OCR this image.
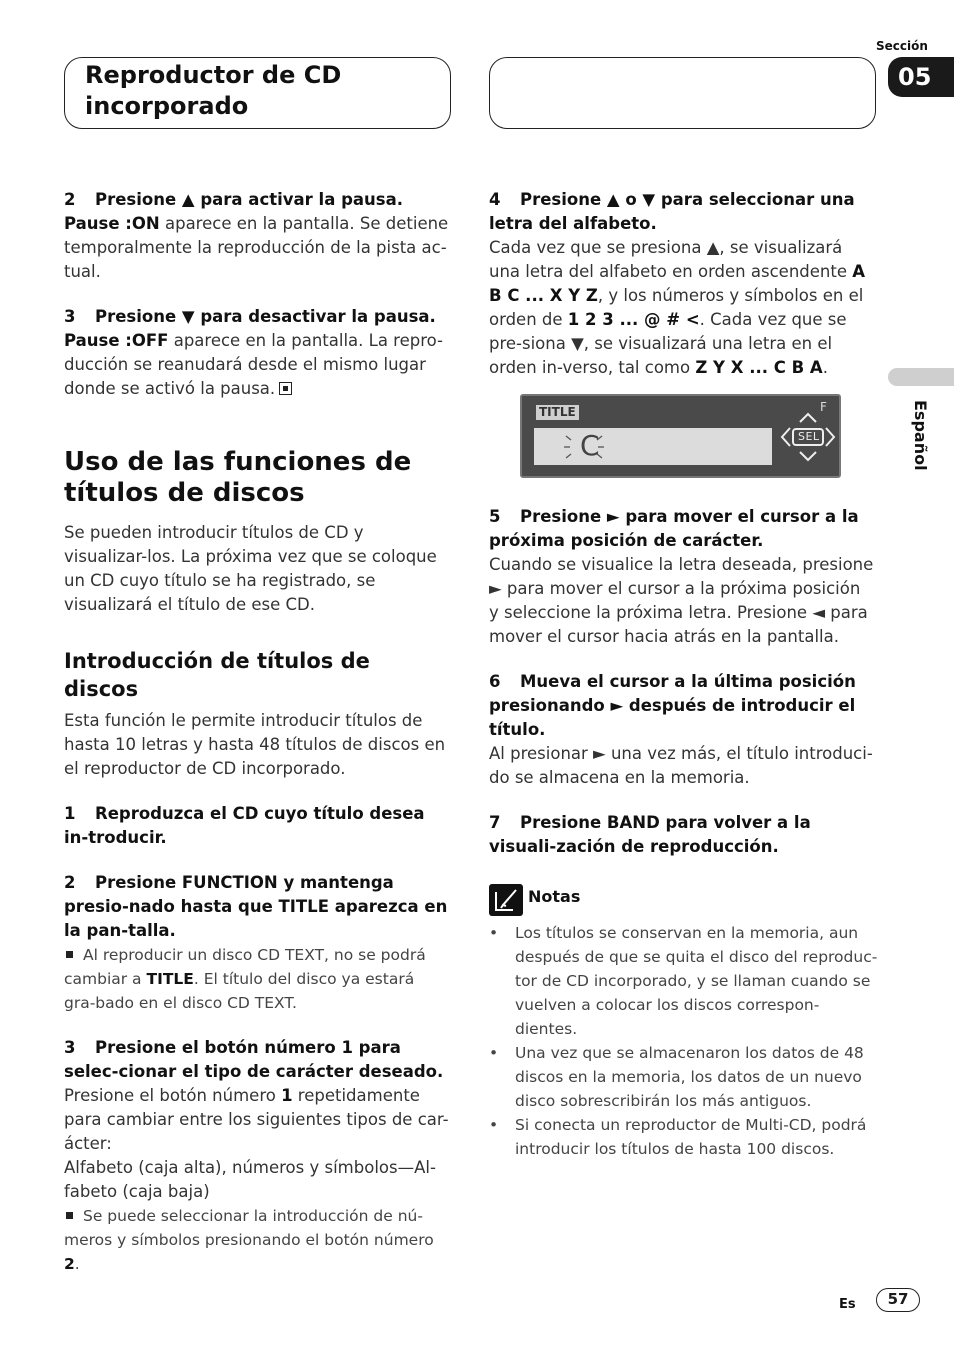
Reproductor de CD
incorporado
Sección
05
Español

2 Presione ▲ para activar la pausa.

Pause :ON aparece en la pantalla. Se detiene temporalmente la reproducción de la pista ac-tual.

3 Presione ▼ para desactivar la pausa.

Pause :OFF aparece en la pantalla. La repro-ducción se reanudará desde el mismo lugar donde se activó la pausa.

Uso de las funciones de
títulos de discos

Se pueden introducir títulos de CD y visualizar-los. La próxima vez que se coloque un CD cuyo título se ha registrado, se visualizará el título de ese CD.

Introducción de títulos de discos

Esta función le permite introducir títulos de hasta 10 letras y hasta 48 títulos de discos en el reproductor de CD incorporado.

1 Reproduzca el CD cuyo título desea in-troducir.

2 Presione FUNCTION y mantenga presio-nado hasta que TITLE aparezca en la pan-talla.

Al reproducir un disco CD TEXT, no se podrá cambiar a TITLE. El título del disco ya estará gra-bado en el disco CD TEXT.

3 Presione el botón número 1 para selec-cionar el tipo de carácter deseado.

Presione el botón número 1 repetidamente para cambiar entre los siguientes tipos de car-ácter:

Alfabeto (caja alta), números y símbolos—Al-fabeto (caja baja)

Se puede seleccionar la introducción de nú-meros y símbolos presionando el botón número 2.

4 Presione ▲ o ▼ para seleccionar una letra del alfabeto.

Cada vez que se presiona ▲, se visualizará una letra del alfabeto en orden ascendente A B C ... X Y Z, y los números y símbolos en el orden de 1 2 3 ... @ # <. Cada vez que se pre-siona ▼, se visualizará una letra en el orden in-verso, tal como Z Y X ... C B A.

TITLE	F
C	SEL

5 Presione ► para mover el cursor a la próxima posición de carácter.

Cuando se visualice la letra deseada, presione ► para mover el cursor a la próxima posición y seleccione la próxima letra. Presione ◄ para mover el cursor hacia atrás en la pantalla.

6 Mueva el cursor a la última posición presionando ► después de introducir el título.

Al presionar ► una vez más, el título introduci-do se almacena en la memoria.

7 Presione BAND para volver a la visuali-zación de reproducción.

Notas
• Los títulos se conservan en la memoria, aun después de que se quita el disco del reproduc-tor de CD incorporado, y se llaman cuando se vuelven a colocar los discos correspon-dientes.
• Una vez que se almacenaron los datos de 48 discos en la memoria, los datos de un nuevo disco sobrescribirán los más antiguos.
• Si conecta un reproductor de Multi-CD, podrá introducir los títulos de hasta 100 discos.
Es	57
